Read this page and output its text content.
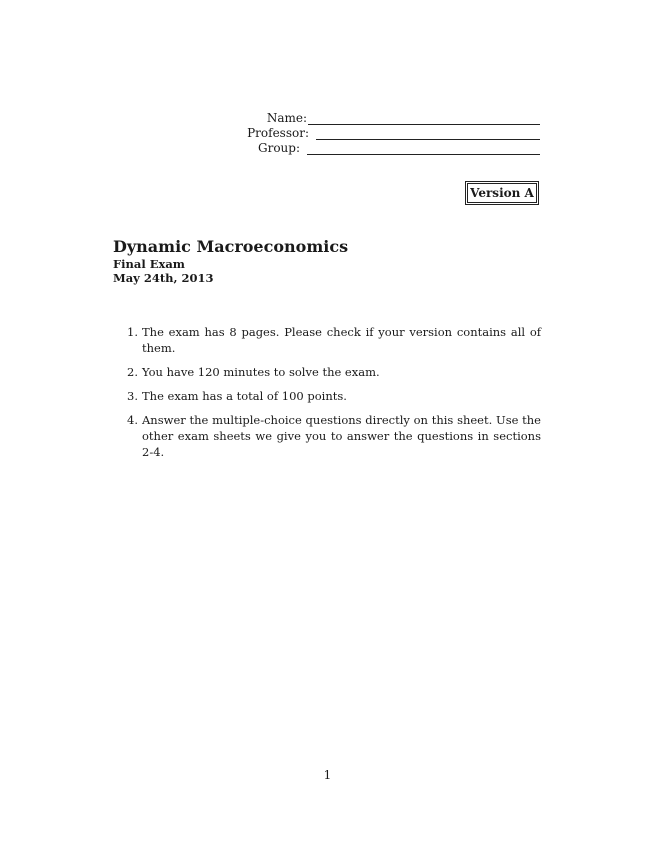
Name:
Professor:
Group:
Version A
Dynamic Macroeconomics
Final Exam
May 24th, 2013
1. The exam has 8 pages. Please check if your version contains all of them.
2. You have 120 minutes to solve the exam.
3. The exam has a total of 100 points.
4. Answer the multiple-choice questions directly on this sheet. Use the other exam sheets we give you to answer the questions in sections 2-4.
1
